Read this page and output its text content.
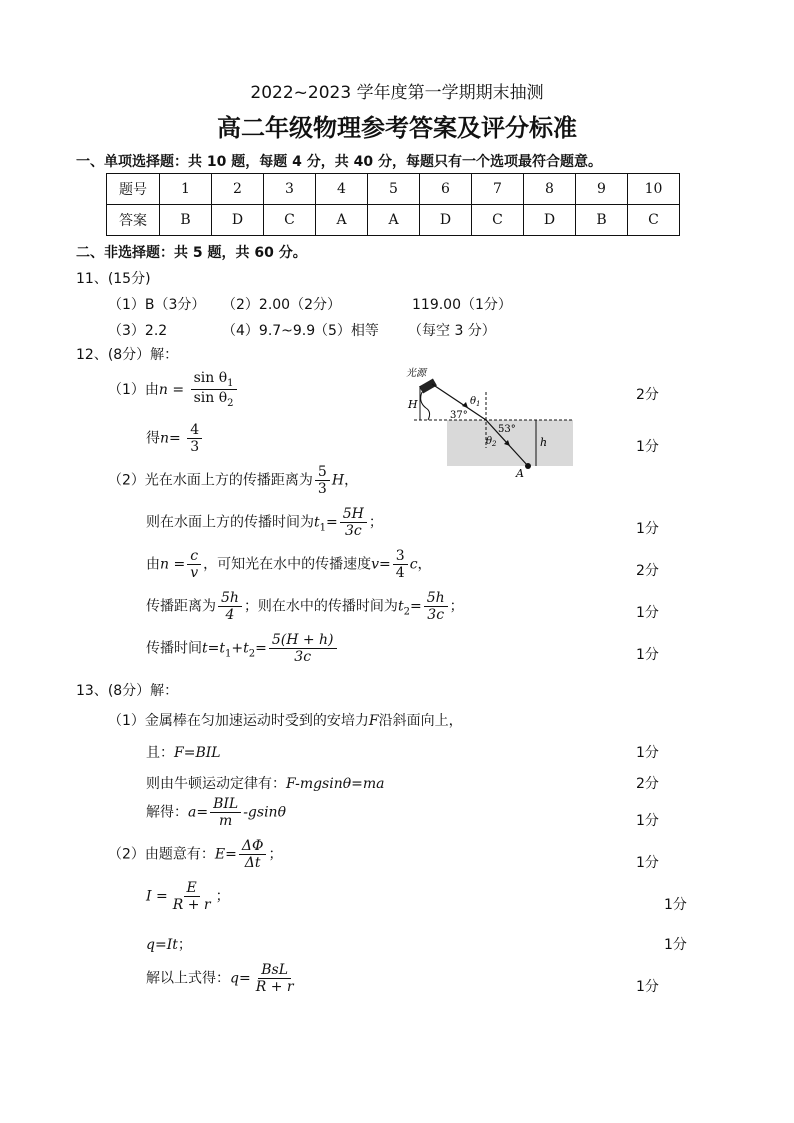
2022~2023 学年度第一学期期末抽测
高二年级物理参考答案及评分标准
一、单项选择题：共 10 题，每题 4 分，共 40 分，每题只有一个选项最符合题意。
题号	1	2	3	4	5	6	7	8	9	10
答案	B	D	C	A	A	D	C	D	B	C
二、非选择题：共 5 题，共 60 分。
11、(15分)
（1）B（3分） （2）2.00（2分）	119.00（1分）
（3）2.2	（4）9.7~9.9
（5）相等 （每空 3 分）
12、(8分）解：
（1）由$n = \frac{\sin \theta_1}{\sin \theta_2}$	2分
得$n= \frac{4}{3}$	1分
光源
H
37°
$\theta_1$
53°
$\theta_2$	h
A
（2）光在水面上方的传播距离为 $\frac{5}{3}$ H，
则在水面上方的传播时间为$t_1= \frac{5H}{3c}$ ；	1分
由$n = \frac{c}{v}$ ，可知光在水中的传播速度$v= \frac{3}{4}$ c，	2分
传播距离为 $\frac{5h}{4}$ ；则在水中的传播时间为$t_2= \frac{5h}{3c}$ ；	1分
传播时间$t=t_1+t_2= \frac{5(H + h)}{3c}$	1分
13、(8分）解：
（1）金属棒在匀加速运动时受到的安培力F沿斜面向上，
且：F=BIL	1分
则由牛顿运动定律有：F-mgsinθ=ma	2分
解得：$a= \frac{\text{BIL}}{m} -gsin\theta$
1分
（2）由题意有：$E= \frac{\Delta\Phi}{\Delta t}$ ；
1分
$I = \frac{E}{R + r}$ ；
1分
q=It；	1分
解以上式得：$q= \frac{\text{BsL}}{R + r}$	1分
